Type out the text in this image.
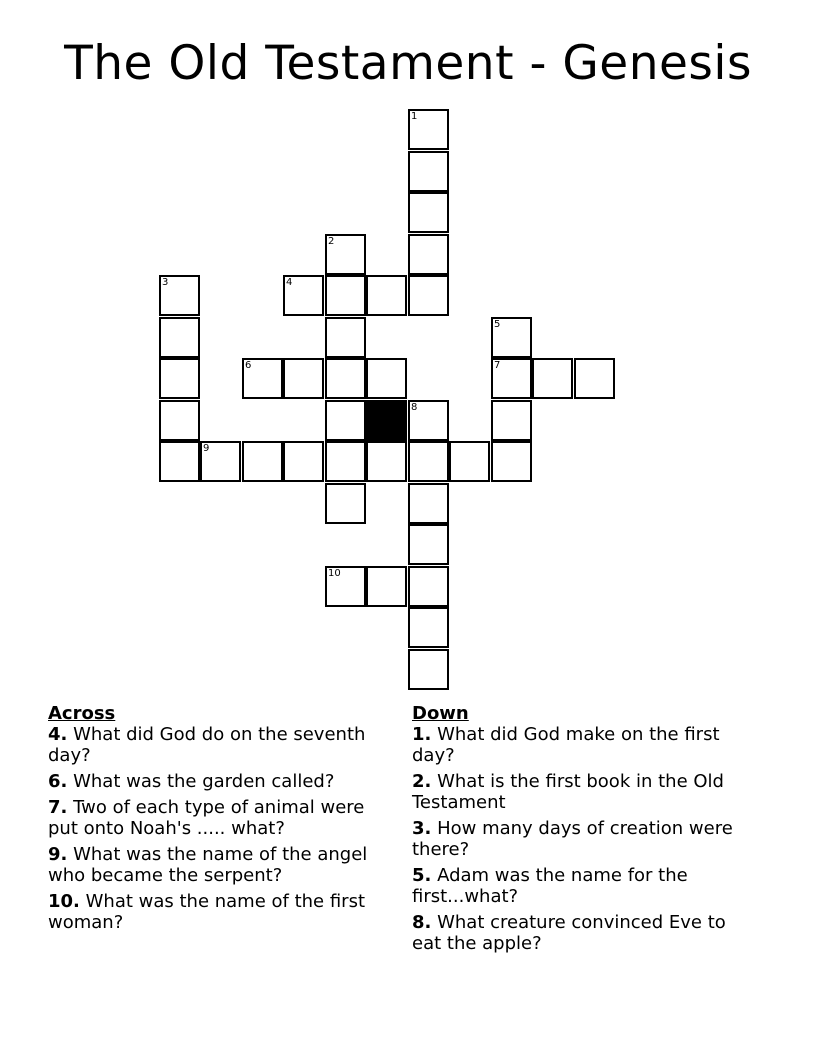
The Old Testament - Genesis
1
2
3	4
5
7
6
8
9
10
Across
4. What did God do on the seventh day?
6. What was the garden called?
7. Two of each type of animal were put onto Noah's ..... what?
9. What was the name of the angel who became the serpent?
10. What was the name of the first woman?
Down
1. What did God make on the first day?
2. What is the first book in the Old Testament
3. How many days of creation were there?
5. Adam was the name for the first...what?
8. What creature convinced Eve to eat the apple?
